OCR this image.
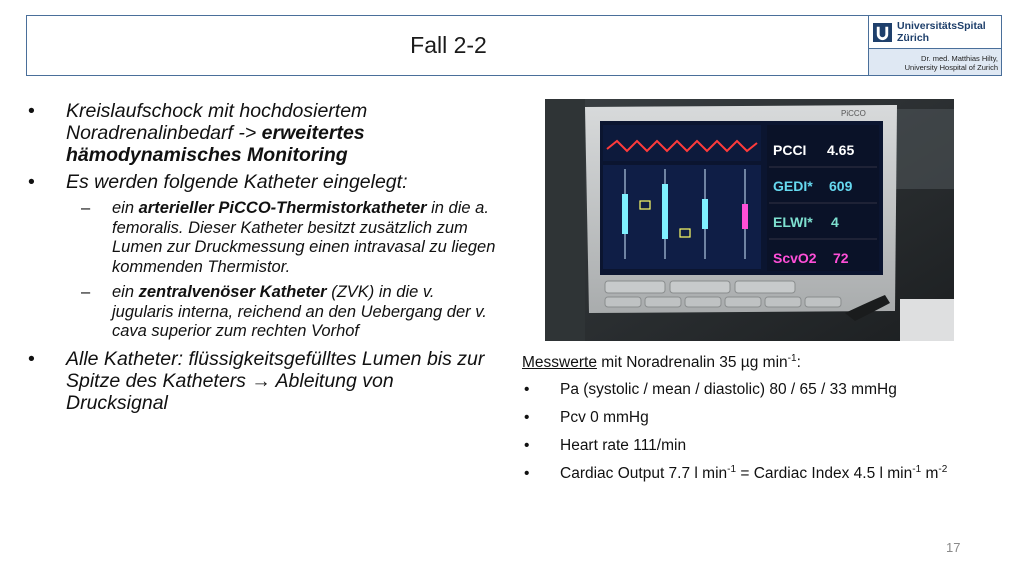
Fall 2-2
UniversitätsSpital
Zürich
Dr. med. Matthias Hilty,
University Hospital of Zurich
• Kreislaufschock mit hochdosiertem Noradrenalinbedarf -> erweitertes hämodynamisches Monitoring
• Es werden folgende Katheter eingelegt:
– ein arterieller PiCCO-Thermistorkatheter in die a. femoralis. Dieser Katheter besitzt zusätzlich zum Lumen zur Druckmessung einen intravasal zu liegen kommenden Thermistor.
– ein zentralvenöser Katheter (ZVK) in die v. jugularis interna, reichend an den Uebergang der v. cava superior zum rechten Vorhof
• Alle Katheter: flüssigkeitsgefülltes Lumen bis zur Spitze des Katheters → Ableitung von Drucksignal
PCCI 4.65
GEDI* 609
ELWI* 4
ScvO2 72
PiCCO
Messwerte mit Noradrenalin 35 µg $\min^{-1}$:
• Pa (systolic / mean / diastolic) 80 / 65 / 33 mmHg
• Pcv 0 mmHg
• Heart rate 111/min
• Cardiac Output 7.7 l $\min^{-1}$ = Cardiac Index 4.5 l $\min^{-1} m^{-2}$
17
